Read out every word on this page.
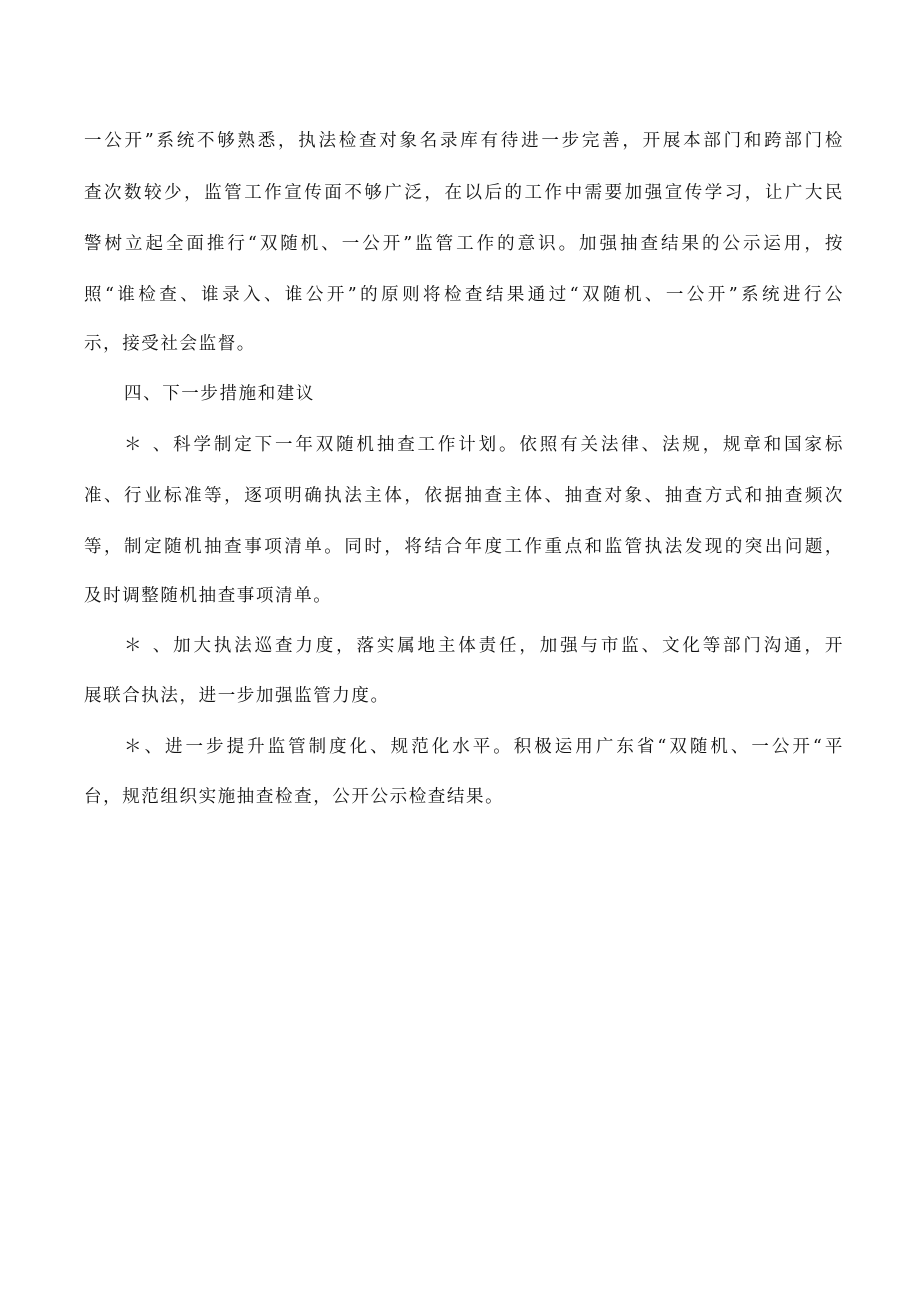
一公开”系统不够熟悉，执法检查对象名录库有待进一步完善，开展本部门和跨部门检
查次数较少，监管工作宣传面不够广泛，在以后的工作中需要加强宣传学习，让广大民
警树立起全面推行“双随机、一公开”监管工作的意识。加强抽查结果的公示运用，按
照“谁检查、谁录入、谁公开”的原则将检查结果通过“双随机、一公开”系统进行公
示，接受社会监督。
四、下一步措施和建议
＊ 、科学制定下一年双随机抽查工作计划。依照有关法律、法规，规章和国家标
准、行业标准等，逐项明确执法主体，依据抽查主体、抽查对象、抽查方式和抽查频次
等，制定随机抽查事项清单。同时，将结合年度工作重点和监管执法发现的突出问题，
及时调整随机抽查事项清单。
＊ 、加大执法巡查力度，落实属地主体责任，加强与市监、文化等部门沟通，开
展联合执法，进一步加强监管力度。
＊、进一步提升监管制度化、规范化水平。积极运用广东省“双随机、一公开“平
台，规范组织实施抽查检查，公开公示检查结果。
